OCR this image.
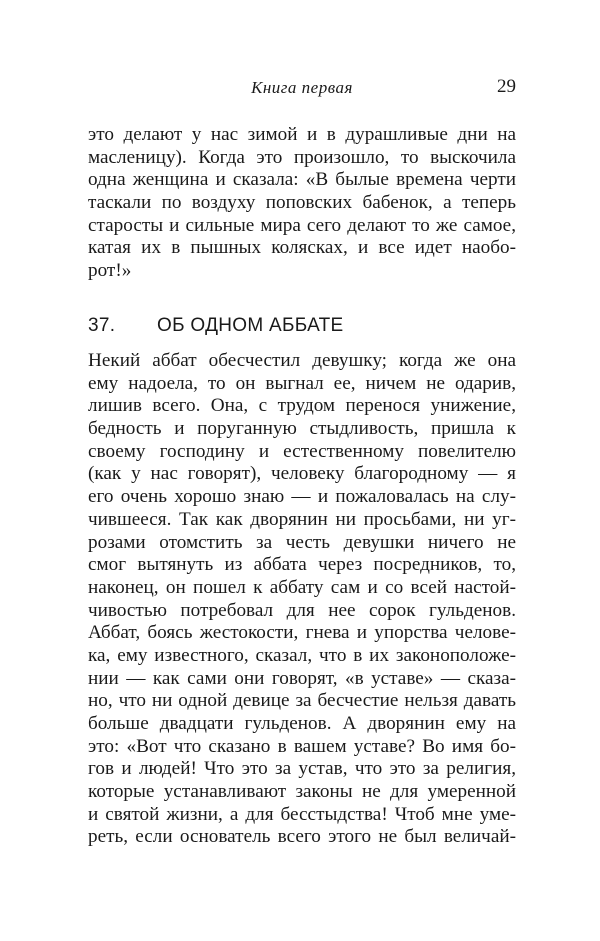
Книга первая	29
это делают у нас зимой и в дурашливые дни на
масленицу). Когда это произошло, то выскочила
одна женщина и сказала: «В былые времена черти
таскали по воздуху поповских бабенок, а теперь
старосты и сильные мира сего делают то же самое,
катая их в пышных колясках, и все идет наобо-
рот!»
37. ОБ ОДНОМ АББАТЕ
Некий аббат обесчестил девушку; когда же она
ему надоела, то он выгнал ее, ничем не одарив,
лишив всего. Она, с трудом перенося унижение,
бедность и поруганную стыдливость, пришла к
своему господину и естественному повелителю
(как у нас говорят), человеку благородному — я
его очень хорошо знаю — и пожаловалась на слу-
чившееся. Так как дворянин ни просьбами, ни уг-
розами отомстить за честь девушки ничего не
смог вытянуть из аббата через посредников, то,
наконец, он пошел к аббату сам и со всей настой-
чивостью потребовал для нее сорок гульденов.
Аббат, боясь жестокости, гнева и упорства челове-
ка, ему известного, сказал, что в их законоположе-
нии — как сами они говорят, «в уставе» — сказа-
но, что ни одной девице за бесчестие нельзя давать
больше двадцати гульденов. А дворянин ему на
это: «Вот что сказано в вашем уставе? Во имя бо-
гов и людей! Что это за устав, что это за религия,
которые устанавливают законы не для умеренной
и святой жизни, а для бесстыдства! Чтоб мне уме-
реть, если основатель всего этого не был величай-
